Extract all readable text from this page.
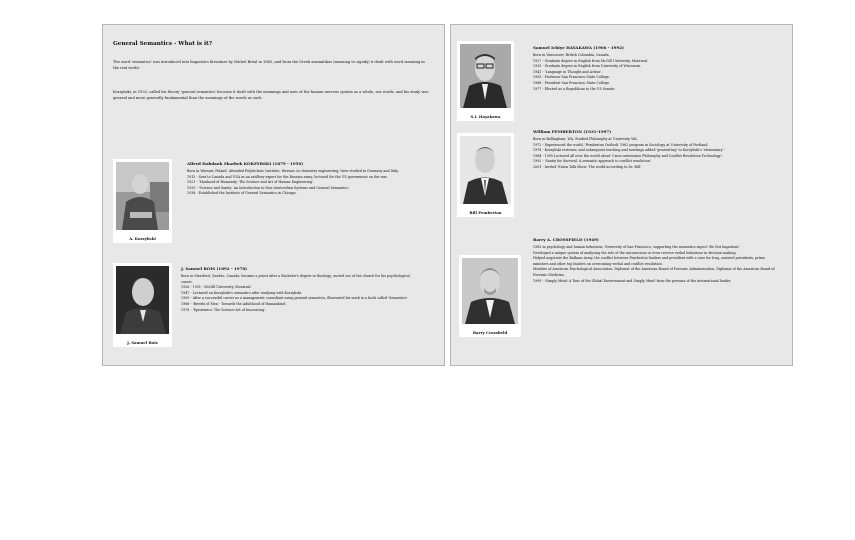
General Semantics - What is it?
The word 'semantics' was introduced into linguistics literature by Michel Bréal in 1883, and from the Greek semantikos (meaning to signify) it dealt with word meaning in the real world.
Korzybski, in 1933, called his theory 'general semantics' because it dealt with the meanings and uses of the human nervous system as a whole, not words, and his study was general and more generally fundamental than the meanings of the words as such.
A. Korzybski
Alfred Habdank Skarbek KORZYBSKI (1879 - 1950)
Born in Warsaw, Poland; Attended Polytechnic Institute, Warsaw, in chemistry engineering; later studied in Germany and Italy.
1915 - Sent to Canada and USA as an artillery expert for the Russian army; lectured for the US government on the war.
1921 - 'Manhood of Humanity: The Science and Art of Human Engineering'.
1933 - 'Science and Sanity: An Introduction to Non-Aristotelian Systems and General Semantics'.
1938 - Established the Institute of General Semantics in Chicago.
J. Samuel Bois
J. Samuel BOIS (1892 - 1978)
Born in Stratford, Quebec, Canada; became a priest after a Bachelor's degree in theology; moved out of the church for his psychological career.
1926 - 1931 - McGill University, Montreal
1947 - Lectured on Korzybski's semantics after studying with Korzybski.
1959 - After a successful career as a management consultant using general semantics, illustrated his work in a book called 'Semantics'.
1966 - 'Breeds of Men - Towards the Adulthood of Humankind'.
1978 - 'Epistemics: The Science-Art of Innovating'.
S.I. Hayakawa
Samuel Ichiye HAYAKAWA (1906 - 1992)
Born in Vancouver, British Columbia, Canada.
1927 - Graduate degree in English from McGill University, Montreal.
1935 - Graduate degree in English from University of Wisconsin.
1941 - 'Language in Thought and Action'.
1955 - Professor San Francisco State College.
1968 - President San Francisco State College.
1977 - Elected as a Republican to the US Senate.
Bill Pemberton
William PEMBERTON (1931-1997)
Born in Bellingham, WA, Studied Philosophy at University WA.
1972 - Experienced the world, 'Pemberton Outlook' 1982 program in Sociology at University of Portland.
1978 - Korzybski reviewer, and subsequent teaching and meetings added 'general-ing' to Korzybski's 'elementary'.
1984 - 1995 Lectured all over the world about 'Cross-orientation Philosophy and Conflict Resolution Technology'.
1992 - 'Sanity for Survival: A semantic approach to conflict resolution'.
2001 - Invited 'Eaton Talk Show: The world according to Dr. Bill'.
Barry Crossfield
Barry A. CROSSFIELD (1949)
1983 in psychology and human behaviour, University of San Francisco, supporting the semantics aspect 'Be Not Impatient'.
Developed a unique system of analysing the role of the unconscious or even reverse verbal behaviour in decision making.
Helped negotiate the Balkans Army, the conflict between Pemberton leaders and president with a case for Iraq, assisted presidents, prime ministers and other top leaders on overcoming verbal and conflict resolution.
Member of American Psychological Association, Diplomat of the American Board of Forensic Administration, Diplomat of the American Board of Forensic Medicine.
1995 - 'Simply Mind: A Tour of the Global Environment and Simply Mind' from the persona of the international leader.
